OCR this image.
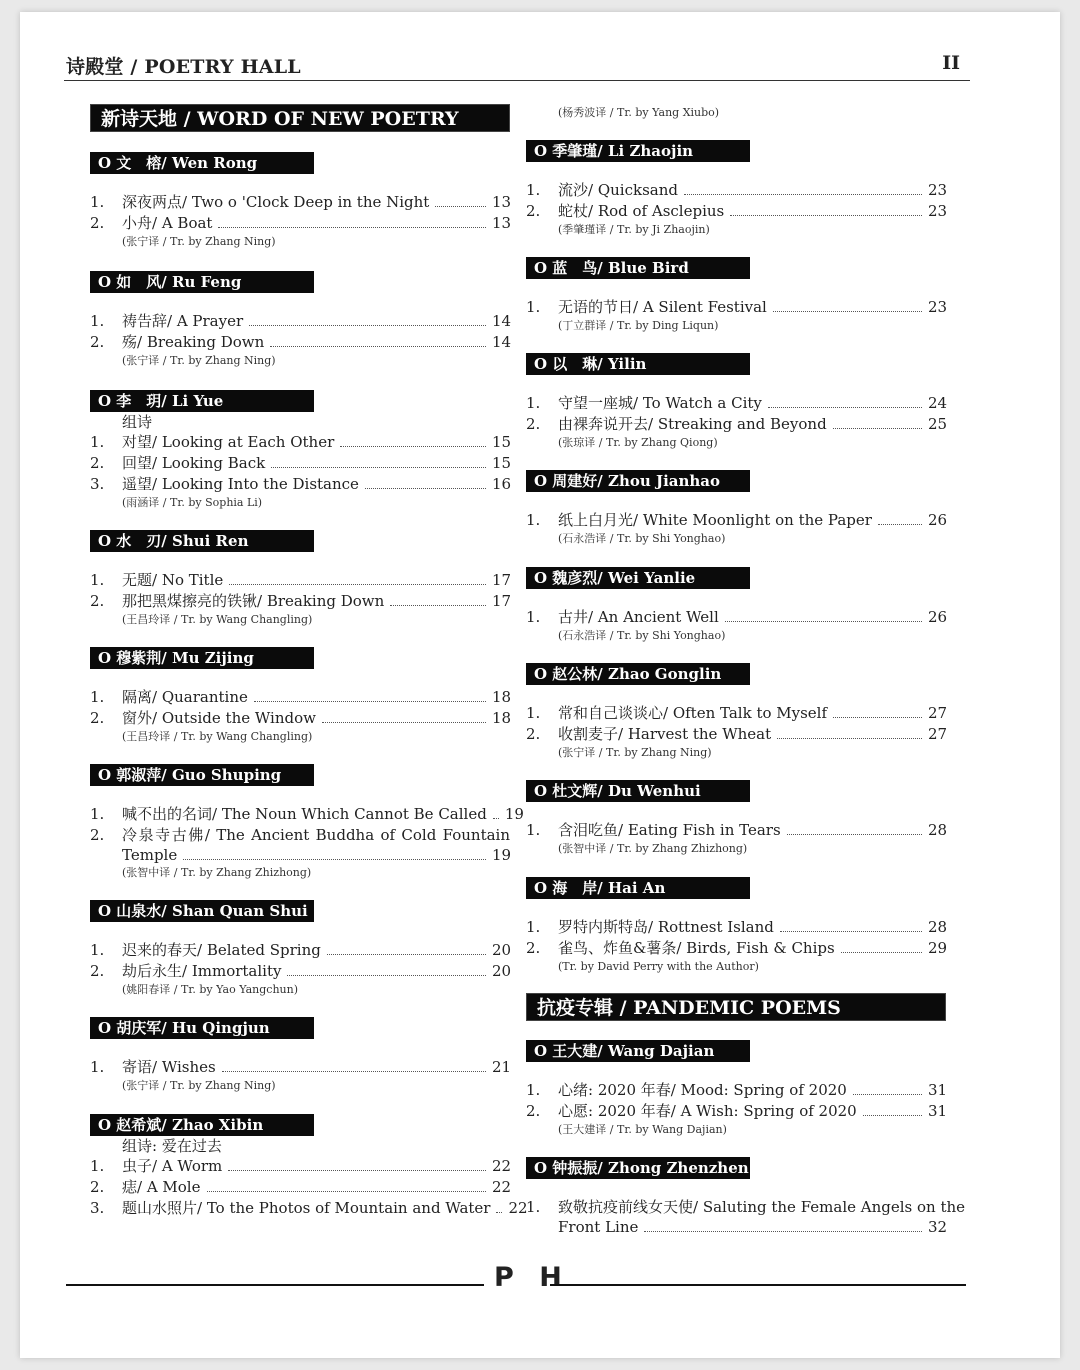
诗殿堂 / POETRY HALL	II
新诗天地 / WORD OF NEW POETRY
O 文　榕/ Wen Rong
1. 深夜两点/ Two o 'Clock Deep in the Night	13
2. 小舟/ A Boat	13
(张宁译 / Tr. by Zhang Ning)
O 如　风/ Ru Feng
1. 祷告辞/ A Prayer	14
2. 殇/ Breaking Down	14
(张宁译 / Tr. by Zhang Ning)
O 李　玥/ Li Yue
组诗
1. 对望/ Looking at Each Other	15
2. 回望/ Looking Back	15
3. 遥望/ Looking Into the Distance	16
(雨涵译 / Tr. by Sophia Li)
O 水　刃/ Shui Ren
1. 无题/ No Title	17
2. 那把黑煤擦亮的铁锹/ Breaking Down	17
(王昌玲译 / Tr. by Wang Changling)
O 穆紫荆/ Mu Zijing
1. 隔离/ Quarantine	18
2. 窗外/ Outside the Window	18
(王昌玲译 / Tr. by Wang Changling)
O 郭淑萍/ Guo Shuping
1. 喊不出的名词/ The Noun Which Cannot Be Called	19
2. 冷泉寺古佛/ The Ancient Buddha of Cold Fountain
Temple	19
(张智中译 / Tr. by Zhang Zhizhong)
O 山泉水/ Shan Quan Shui
1. 迟来的春天/ Belated Spring	20
2. 劫后永生/ Immortality	20
(姚阳春译 / Tr. by Yao Yangchun)
O 胡庆军/ Hu Qingjun
1. 寄语/ Wishes	21
(张宁译 / Tr. by Zhang Ning)
O 赵希斌/ Zhao Xibin
组诗: 爱在过去
1. 虫子/ A Worm	22
2. 痣/ A Mole	22
3. 题山水照片/ To the Photos of Mountain and Water	22
(杨秀波译 / Tr. by Yang Xiubo)
O 季肇瑾/ Li Zhaojin
1. 流沙/ Quicksand	23
2. 蛇杖/ Rod of Asclepius	23
(季肇瑾译 / Tr. by Ji Zhaojin)
O 蓝　鸟/ Blue Bird
1. 无语的节日/ A Silent Festival	23
(丁立群译 / Tr. by Ding Liqun)
O 以　琳/ Yilin
1. 守望一座城/ To Watch a City	24
2. 由裸奔说开去/ Streaking and Beyond	25
(张琼译 / Tr. by Zhang Qiong)
O 周建好/ Zhou Jianhao
1. 纸上白月光/ White Moonlight on the Paper	26
(石永浩译 / Tr. by Shi Yonghao)
O 魏彦烈/ Wei Yanlie
1. 古井/ An Ancient Well	26
(石永浩译 / Tr. by Shi Yonghao)
O 赵公林/ Zhao Gonglin
1. 常和自己谈谈心/ Often Talk to Myself	27
2. 收割麦子/ Harvest the Wheat	27
(张宁译 / Tr. by Zhang Ning)
O 杜文辉/ Du Wenhui
1. 含泪吃鱼/ Eating Fish in Tears	28
(张智中译 / Tr. by Zhang Zhizhong)
O 海　岸/ Hai An
1. 罗特内斯特岛/ Rottnest Island	28
2. 雀鸟、炸鱼&薯条/ Birds, Fish & Chips	29
(Tr. by David Perry with the Author)
抗疫专辑 / PANDEMIC POEMS
O 王大建/ Wang Dajian
1. 心绪: 2020 年春/ Mood: Spring of 2020	31
2. 心愿: 2020 年春/ A Wish: Spring of 2020	31
(王大建译 / Tr. by Wang Dajian)
O 钟振振/ Zhong Zhenzhen
1. 致敬抗疫前线女天使/ Saluting the Female Angels on the
Front Line	32
P H
